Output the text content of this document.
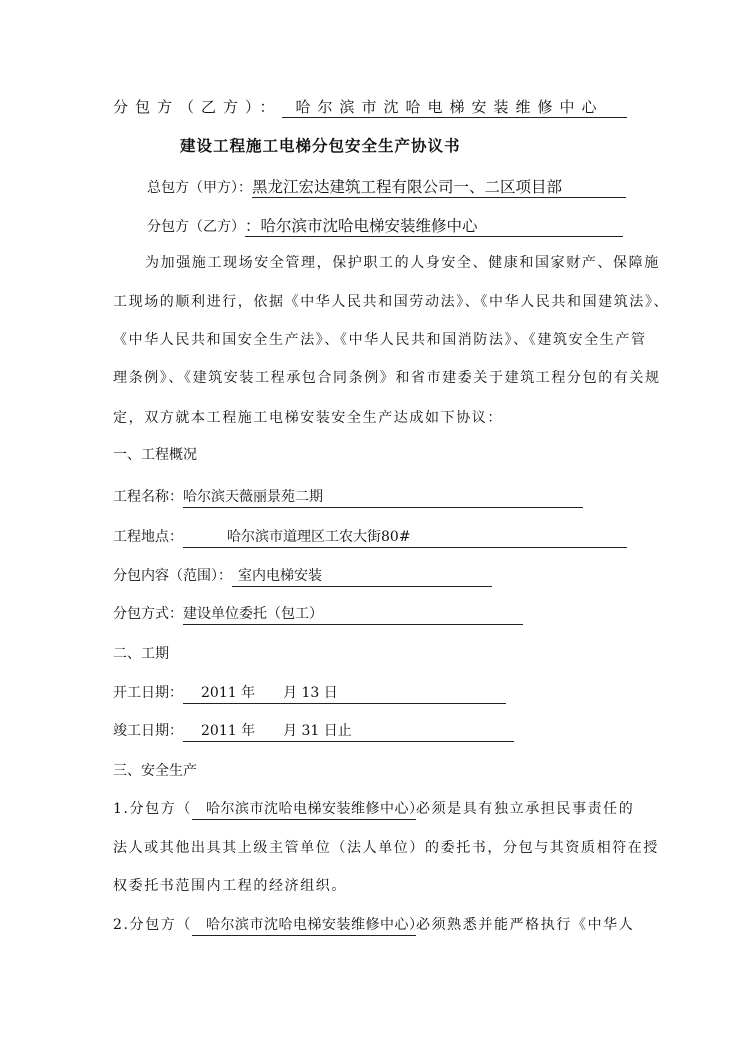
分包方（乙方）： 哈尔滨市沈哈电梯安装维修中心
建设工程施工电梯分包安全生产协议书
总包方（甲方）：黑龙江宏达建筑工程有限公司一、二区项目部
分包方（乙方）：哈尔滨市沈哈电梯安装维修中心
为加强施工现场安全管理，保护职工的人身安全、健康和国家财产、保障施
工现场的顺利进行，依据《中华人民共和国劳动法》、《中华人民共和国建筑法》、
《中华人民共和国安全生产法》、《中华人民共和国消防法》、《建筑安全生产管
理条例》、《建筑安装工程承包合同条例》和省市建委关于建筑工程分包的有关规
定，双方就本工程施工电梯安装安全生产达成如下协议：
一、工程概况
工程名称：哈尔滨天薇丽景苑二期
工程地点：	哈尔滨市道理区工农大街80#
分包内容（范围）： 室内电梯安装
分包方式：建设单位委托（包工）
二、工期
开工日期： 2011 年　　月 13 日
竣工日期： 2011 年　　月 31 日止
三、安全生产
1.分包方（ 哈尔滨市沈哈电梯安装维修中心）必须是具有独立承担民事责任的
法人或其他出具其上级主管单位（法人单位）的委托书，分包与其资质相符在授
权委托书范围内工程的经济组织。
2.分包方（ 哈尔滨市沈哈电梯安装维修中心）必须熟悉并能严格执行《中华人
